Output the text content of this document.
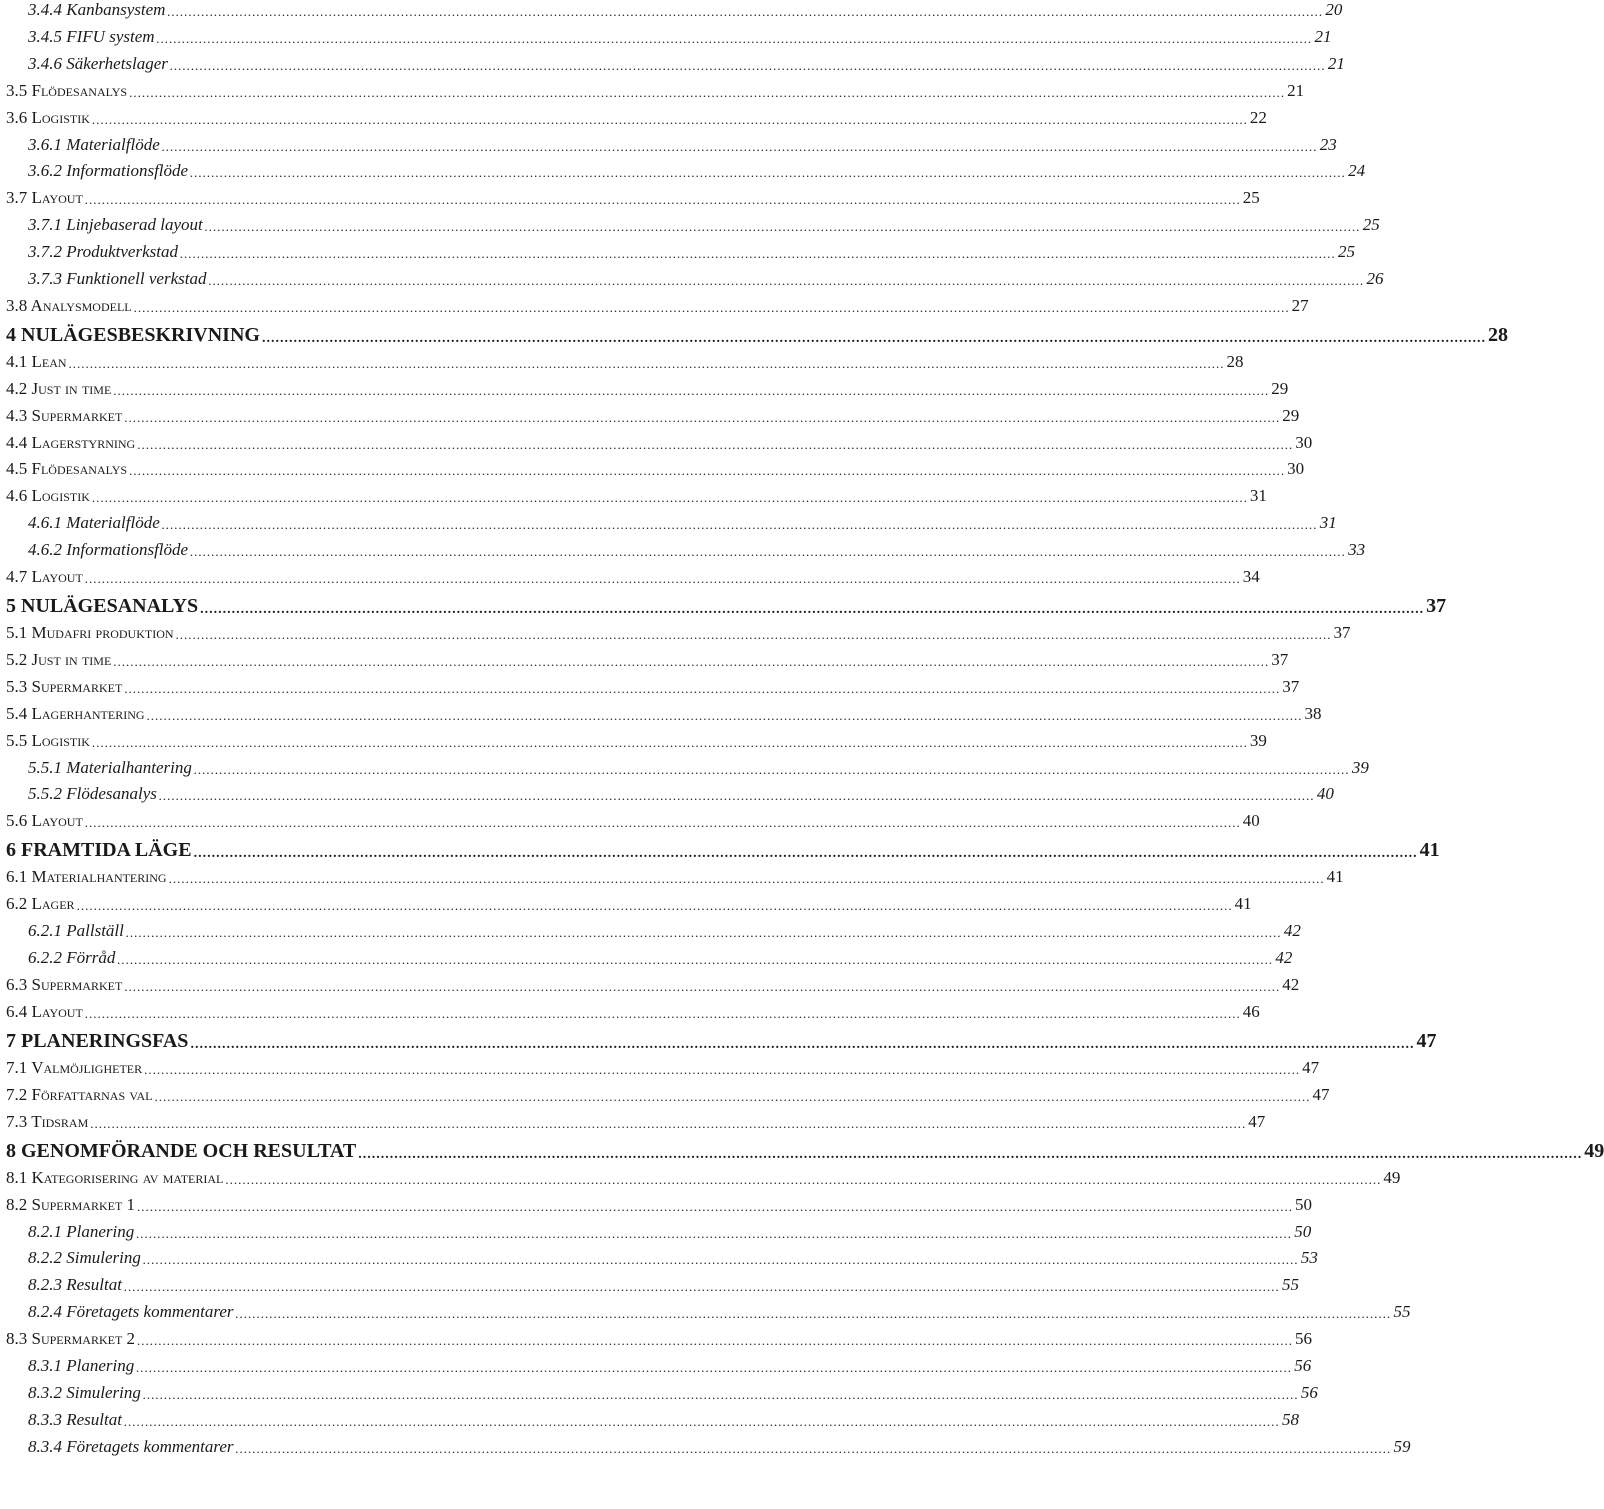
3.4.4 Kanbansystem .....	20
3.4.5 FIFU system .....	21
3.4.6 Säkerhetslager .....	21
3.5 Flödesanalys .....	21
3.6 Logistik .....	22
3.6.1 Materialflöde .....	23
3.6.2 Informationsflöde .....	24
3.7 Layout .....	25
3.7.1 Linjebaserad layout .....	25
3.7.2 Produktverkstad .....	25
3.7.3 Funktionell verkstad .....	26
3.8 Analysmodell .....	27
4 NULÄGESBESKRIVNING .....	28
4.1 Lean .....	28
4.2 Just in time .....	29
4.3 Supermarket .....	29
4.4 Lagerstyrning .....	30
4.5 Flödesanalys .....	30
4.6 Logistik .....	31
4.6.1 Materialflöde .....	31
4.6.2 Informationsflöde .....	33
4.7 Layout .....	34
5 NULÄGESANALYS .....	37
5.1 Mudafri produktion .....	37
5.2 Just in time .....	37
5.3 Supermarket .....	37
5.4 Lagerhantering .....	38
5.5 Logistik .....	39
5.5.1 Materialhantering .....	39
5.5.2 Flödesanalys .....	40
5.6 Layout .....	40
6 FRAMTIDA LÄGE .....	41
6.1 Materialhantering .....	41
6.2 Lager .....	41
6.2.1 Pallställ .....	42
6.2.2 Förråd .....	42
6.3 Supermarket .....	42
6.4 Layout .....	46
7 PLANERINGSFAS .....	47
7.1 Valmöjligheter .....	47
7.2 Författarnas val .....	47
7.3 Tidsram .....	47
8 GENOMFÖRANDE OCH RESULTAT .....	49
8.1 Kategorisering av material .....	49
8.2 Supermarket 1 .....	50
8.2.1 Planering .....	50
8.2.2 Simulering .....	53
8.2.3 Resultat .....	55
8.2.4 Företagets kommentarer .....	55
8.3 Supermarket 2 .....	56
8.3.1 Planering .....	56
8.3.2 Simulering .....	56
8.3.3 Resultat .....	58
8.3.4 Företagets kommentarer .....	59
